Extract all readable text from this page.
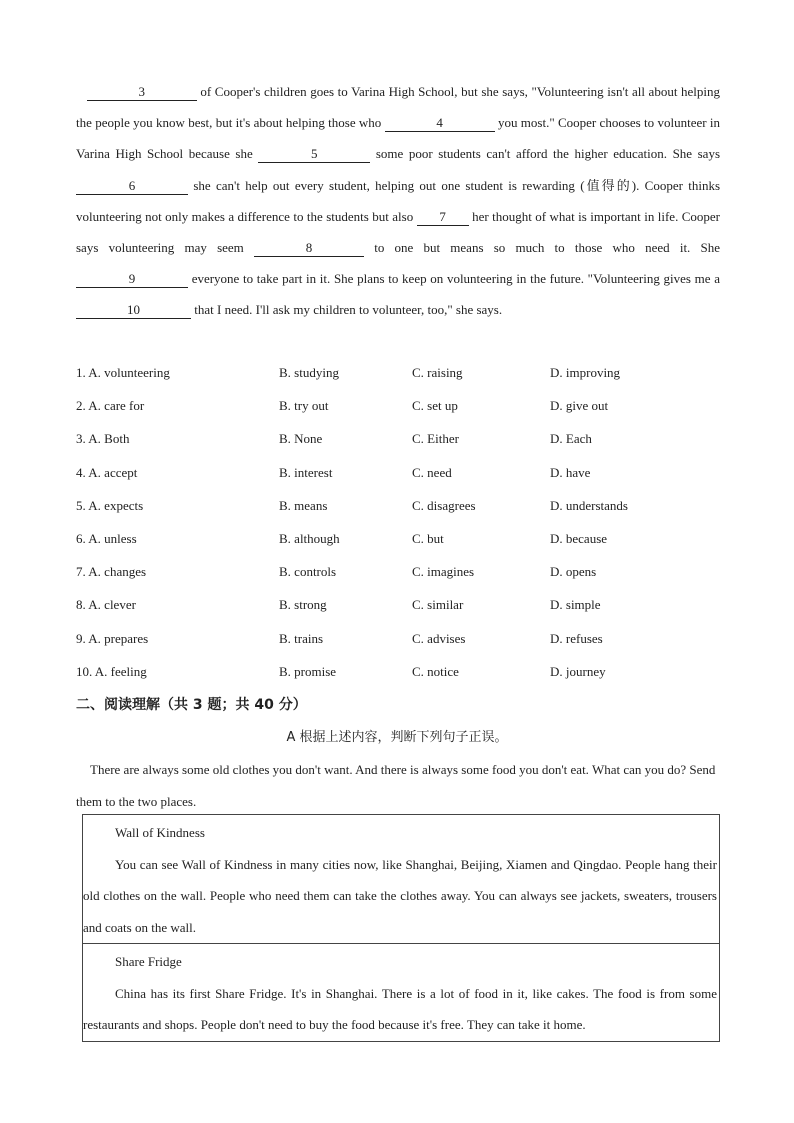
3	of Cooper's children goes to Varina High School, but she says, "Volunteering isn't all about helping the people you know best, but it's about helping those who	4	you most." Cooper chooses to volunteer in Varina High School because she	5	some poor students can't afford the higher education. She says 6	she can't help out every student, helping out one student is rewarding (值得的). Cooper thinks volunteering not only makes a difference to the students but also 7 her thought of what is important in life. Cooper says volunteering may seem	8	to one but means so much to those who need it. She 9	everyone to take part in it. She plans to keep on volunteering in the future. "Volunteering gives me a 10	that I need. I'll ask my children to volunteer, too," she says.

1. A. volunteering	B. studying	C. raising	D. improving
2. A. care for	B. try out	C. set up	D. give out
3. A. Both	B. None	C. Either	D. Each
4. A. accept	B. interest	C. need	D. have
5. A. expects	B. means	C. disagrees	D. understands
6. A. unless	B. although	C. but	D. because
7. A. changes	B. controls	C. imagines	D. opens
8. A. clever	B. strong	C. similar	D. simple
9. A. prepares	B. trains	C. advises	D. refuses
10. A. feeling	B. promise	C. notice	D. journey
二、阅读理解（共 3 题；共 40 分）
A 根据上述内容，判断下列句子正误。

There are always some old clothes you don't want. And there is always some food you don't eat. What can you do? Send them to the two places.

Wall of Kindness

You can see Wall of Kindness in many cities now, like Shanghai, Beijing, Xiamen and Qingdao. People hang their old clothes on the wall. People who need them can take the clothes away. You can always see jackets, sweaters, trousers and coats on the wall.

Share Fridge

China has its first Share Fridge. It's in Shanghai. There is a lot of food in it, like cakes. The food is from some restaurants and shops. People don't need to buy the food because it's free. They can take it home.
